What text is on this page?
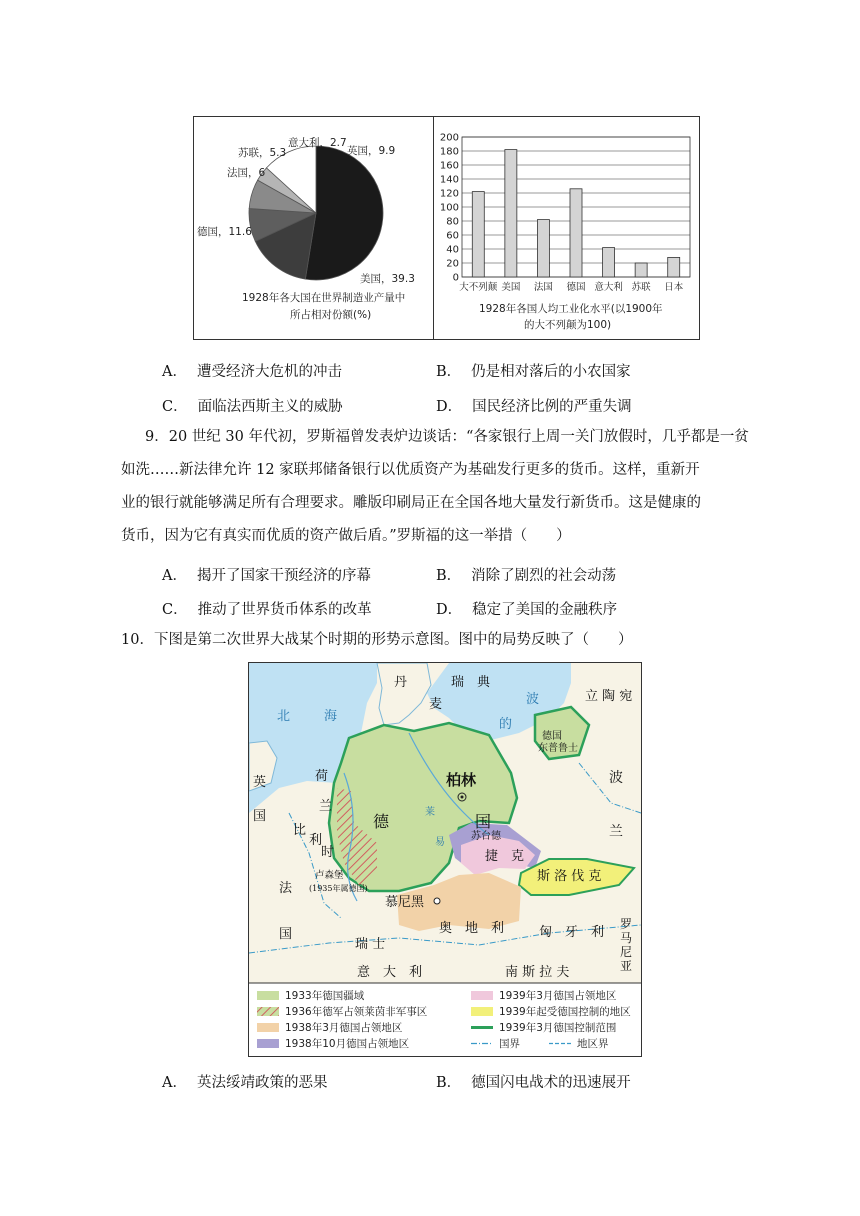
意大利，2.7
英国，9.9
苏联，5.3
法国，6
德国，11.6
美国，39.3
1928年各大国在世界制造业产量中
所占相对份额(%)
0
20
40
60
80
100
120
140
160
180
200
大不列颠 美国 法国 德国 意大利 苏联 日本
1928年各国人均工业化水平(以1900年
的大不列颠为100)
A． 遭受经济大危机的冲击	B． 仍是相对落后的小农国家
C． 面临法西斯主义的威胁	D． 国民经济比例的严重失调
9．20 世纪 30 年代初，罗斯福曾发表炉边谈话：“各家银行上周一关门放假时，几乎都是一贫
如洗……新法律允许 12 家联邦储备银行以优质资产为基础发行更多的货币。这样，重新开
业的银行就能够满足所有合理要求。雕版印刷局正在全国各地大量发行新货币。这是健康的
货币，因为它有真实而优质的资产做后盾。”罗斯福的这一举措（　　）
A． 揭开了国家干预经济的序幕	B． 消除了剧烈的社会动荡
C． 推动了世界货币体系的改革	D． 稳定了美国的金融秩序
10．下图是第二次世界大战某个时期的形势示意图。图中的局势反映了（　　）
1933年德国疆域	1939年3月德国占领地区
1936年德军占领莱茵非军事区	1939年起受德国控制的地区
1938年3月德国占领地区	1939年3月德国控制范围
1938年10月德国占领地区	国界	地区界
丹
麦
瑞　典
北	海
波
的
立 陶 宛
德国
东普鲁士
波
兰
英
国
荷
兰
柏林
德	国
比
利
时
卢森堡
(1935年属德国)
苏台德
捷　克
斯 洛 伐 克
法
国
慕尼黑
奥　地　利	匈　牙　利
罗
马
尼
亚
瑞 士
意　大　利	南 斯 拉 夫
易
莱
A． 英法绥靖政策的恶果	B． 德国闪电战术的迅速展开
